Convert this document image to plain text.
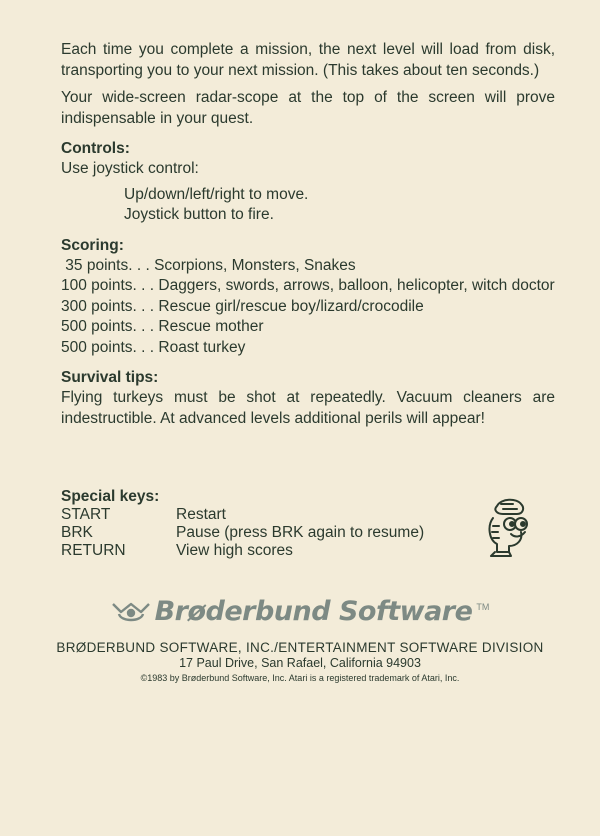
Each time you complete a mission, the next level will load from disk, transporting you to your next mission. (This takes about ten seconds.)

Your wide-screen radar-scope at the top of the screen will prove indispensable in your quest.

Controls:

Use joystick control:

Up/down/left/right to move.

Joystick button to fire.

Scoring:
35 points. . . Scorpions, Monsters, Snakes
100 points. . . Daggers, swords, arrows, balloon, helicopter, witch doctor
300 points. . . Rescue girl/rescue boy/lizard/crocodile
500 points. . . Rescue mother
500 points. . . Roast turkey
Survival tips:

Flying turkeys must be shot at repeatedly. Vacuum cleaners are indestructible. At advanced levels additional perils will appear!

Special keys:
START	Restart
BRK	Pause (press BRK again to resume)
RETURN	View high scores
Brøderbund Software TM
BRØDERBUND SOFTWARE, INC./ENTERTAINMENT SOFTWARE DIVISION
17 Paul Drive, San Rafael, California 94903
©1983 by Brøderbund Software, Inc. Atari is a registered trademark of Atari, Inc.
